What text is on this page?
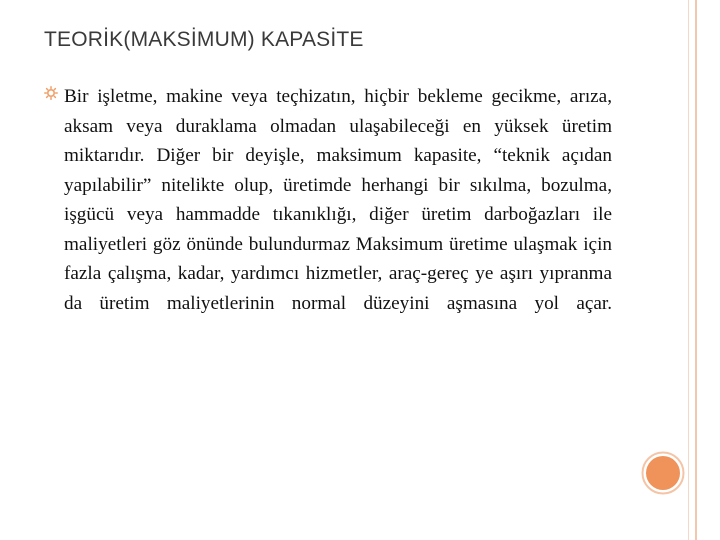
TEORİK(MAKSİMUM) KAPASİTE

Bir işletme, makine veya teçhizatın, hiçbir bekleme gecikme, arıza, aksam veya duraklama olmadan ulaşabileceği en yüksek üretim miktarıdır. Diğer bir deyişle, maksimum kapasite, “teknik açıdan yapılabilir” nitelikte olup, üretimde herhangi bir sıkılma, bozulma, işgücü veya hammadde tıkanıklığı, diğer üretim darboğazları ile maliyetleri göz önünde bulundurmaz Maksimum üretime ulaşmak için fazla çalışma, kadar, yardımcı hizmetler, araç-gereç ye aşırı yıpranma da üretim maliyetlerinin normal düzeyini aşmasına yol açar.
